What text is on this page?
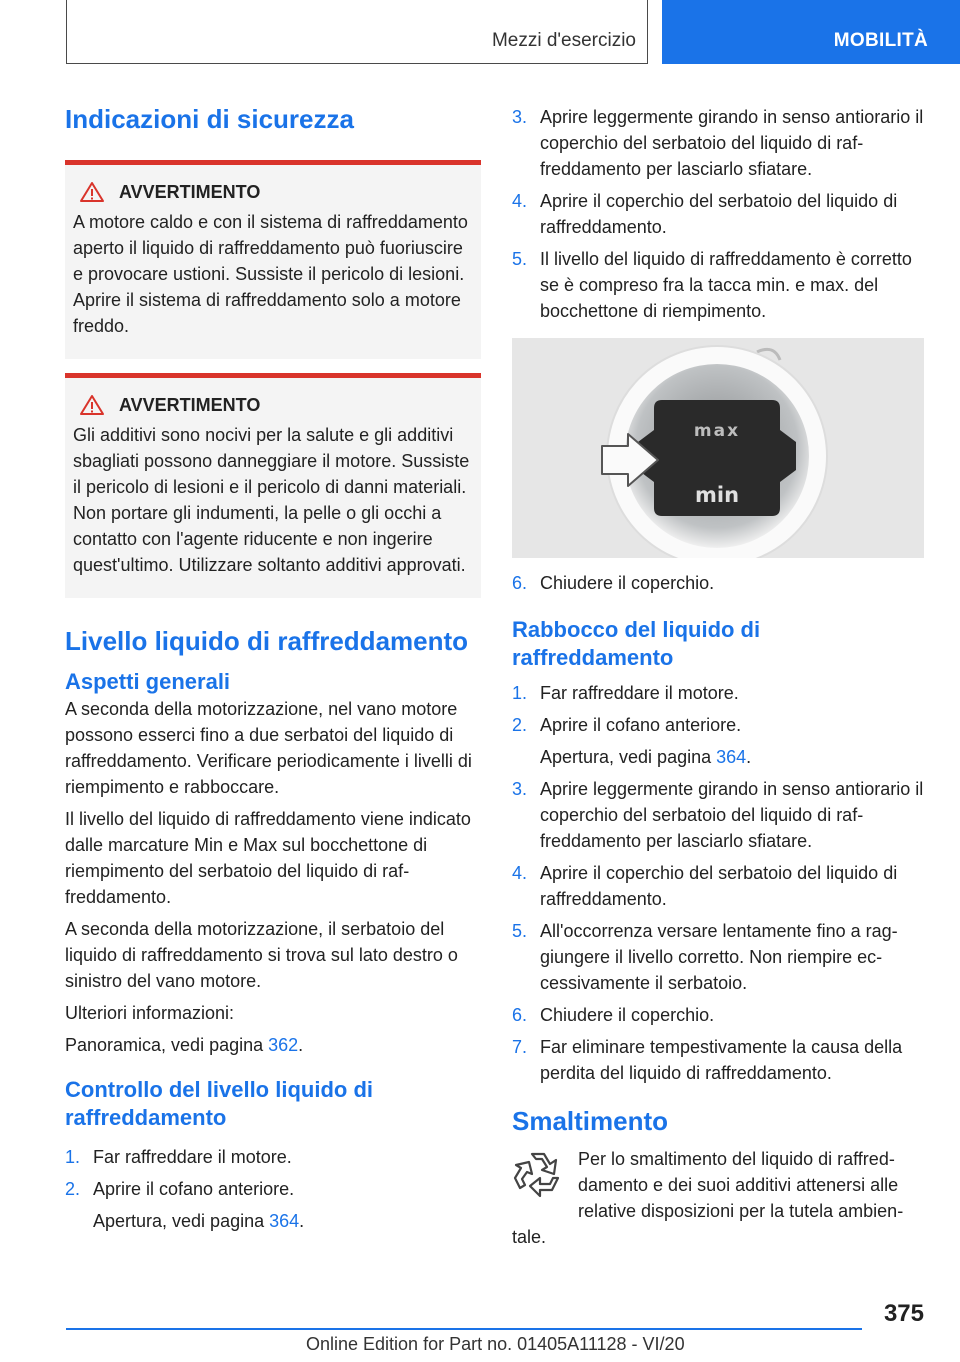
Mezzi d'esercizio	MOBILITÀ
Indicazioni di sicurezza
AVVERTIMENTO

A motore caldo e con il sistema di raffreddamento aperto il liquido di raffreddamento può fuoriuscire e provocare ustioni. Sussiste il pericolo di lesioni. Aprire il sistema di raffreddamento solo a motore freddo.

AVVERTIMENTO

Gli additivi sono nocivi per la salute e gli additivi sbagliati possono danneggiare il motore. Sussiste il pericolo di lesioni e il pericolo di danni materiali. Non portare gli indumenti, la pelle o gli occhi a contatto con l'agente riducente e non ingerire quest'ultimo. Utilizzare soltanto additivi approvati.

Livello liquido di raffreddamento
Aspetti generali

A seconda della motorizzazione, nel vano motore possono esserci fino a due serbatoi del liquido di raffreddamento. Verificare periodicamente i livelli di riempimento e rabboccare.

Il livello del liquido di raffreddamento viene indicato dalle marcature Min e Max sul bocchettone di riempimento del serbatoio del liquido di raffreddamento.

A seconda della motorizzazione, il serbatoio del liquido di raffreddamento si trova sul lato destro o sinistro del vano motore.

Ulteriori informazioni:

Panoramica, vedi pagina 362.

Controllo del livello liquido di raffreddamento
1. Far raffreddare il motore.
2. Aprire il cofano anteriore.
Apertura, vedi pagina 364.
3. Aprire leggermente girando in senso antiorario il coperchio del serbatoio del liquido di raffreddamento per lasciarlo sfiatare.
4. Aprire il coperchio del serbatoio del liquido di raffreddamento.
5. Il livello del liquido di raffreddamento è corretto se è compreso fra la tacca min. e max. del bocchettone di riempimento.
max
min
6. Chiudere il coperchio.
Rabbocco del liquido di raffreddamento
1. Far raffreddare il motore.
2. Aprire il cofano anteriore.
Apertura, vedi pagina 364.
3. Aprire leggermente girando in senso antiorario il coperchio del serbatoio del liquido di raffreddamento per lasciarlo sfiatare.
4. Aprire il coperchio del serbatoio del liquido di raffreddamento.
5. All'occorrenza versare lentamente fino a raggiungere il livello corretto. Non riempire eccessivamente il serbatoio.
6. Chiudere il coperchio.
7. Far eliminare tempestivamente la causa della perdita del liquido di raffreddamento.
Smaltimento

Per lo smaltimento del liquido di raffreddamento e dei suoi additivi attenersi alle relative disposizioni per la tutela ambientale.

375
Online Edition for Part no. 01405A11128 - VI/20
